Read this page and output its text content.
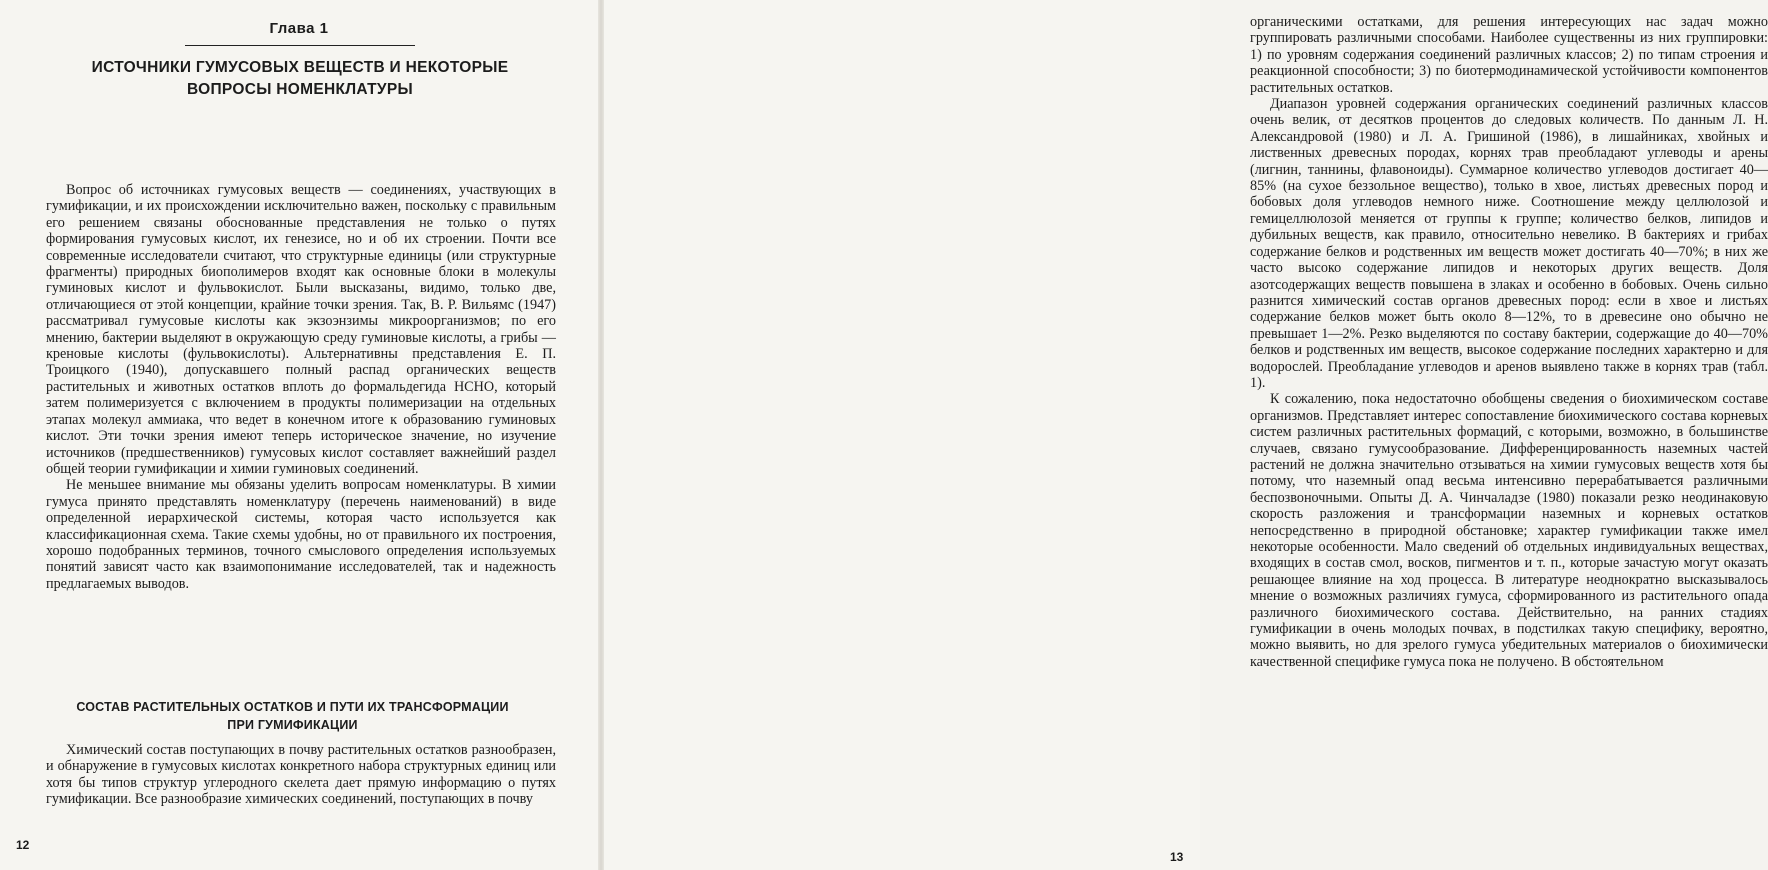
Глава 1
ИСТОЧНИКИ ГУМУСОВЫХ ВЕЩЕСТВ И НЕКОТОРЫЕ
ВОПРОСЫ НОМЕНКЛАТУРЫ

Вопрос об источниках гумусовых веществ — соединениях, участвующих в гумификации, и их происхождении исключительно важен, поскольку с правильным его решением связаны обоснованные представления не только о путях формирования гумусовых кислот, их генезисе, но и об их строении. Почти все современные исследователи считают, что структурные единицы (или структурные фрагменты) природных биополимеров входят как основные блоки в молекулы гуминовых кислот и фульвокислот. Были высказаны, видимо, только две, отличающиеся от этой концепции, крайние точки зрения. Так, В. Р. Вильямс (1947) рассматривал гумусовые кислоты как экзоэнзимы микроорганизмов; по его мнению, бактерии выделяют в окружающую среду гуминовые кислоты, а грибы — креновые кислоты (фульвокислоты). Альтернативны представления Е. П. Троицкого (1940), допускавшего полный распад органических веществ растительных и животных остатков вплоть до формальдегида НСНО, который затем полимеризуется с включением в продукты полимеризации на отдельных этапах молекул аммиака, что ведет в конечном итоге к образованию гуминовых кислот. Эти точки зрения имеют теперь историческое значение, но изучение источников (предшественников) гумусовых кислот составляет важнейший раздел общей теории гумификации и химии гуминовых соединений.

Не меньшее внимание мы обязаны уделить вопросам номенклатуры. В химии гумуса принято представлять номенклатуру (перечень наименований) в виде определенной иерархической системы, которая часто используется как классификационная схема. Такие схемы удобны, но от правильного их построения, хорошо подобранных терминов, точного смыслового определения используемых понятий зависят часто как взаимопонимание исследователей, так и надежность предлагаемых выводов.

СОСТАВ РАСТИТЕЛЬНЫХ ОСТАТКОВ И ПУТИ ИХ ТРАНСФОРМАЦИИ
ПРИ ГУМИФИКАЦИИ

Химический состав поступающих в почву растительных остатков разнообразен, и обнаружение в гумусовых кислотах конкретного набора структурных единиц или хотя бы типов структур углеродного скелета дает прямую информацию о путях гумификации. Все разнообразие химических соединений, поступающих в почву

12

органическими остатками, для решения интересующих нас задач можно группировать различными способами. Наиболее существенны из них группировки: 1) по уровням содержания соединений различных классов; 2) по типам строения и реакционной способности; 3) по биотермодинамической устойчивости компонентов растительных остатков.

Диапазон уровней содержания органических соединений различных классов очень велик, от десятков процентов до следовых количеств. По данным Л. Н. Александровой (1980) и Л. А. Гришиной (1986), в лишайниках, хвойных и лиственных древесных породах, корнях трав преобладают углеводы и арены (лигнин, таннины, флавоноиды). Суммарное количество углеводов достигает 40—85% (на сухое беззольное вещество), только в хвое, листьях древесных пород и бобовых доля углеводов немного ниже. Соотношение между целлюлозой и гемицеллюлозой меняется от группы к группе; количество белков, липидов и дубильных веществ, как правило, относительно невелико. В бактериях и грибах содержание белков и родственных им веществ может достигать 40—70%; в них же часто высоко содержание липидов и некоторых других веществ. Доля азотсодержащих веществ повышена в злаках и особенно в бобовых. Очень сильно разнится химический состав органов древесных пород: если в хвое и листьях содержание белков может быть около 8—12%, то в древесине оно обычно не превышает 1—2%. Резко выделяются по составу бактерии, содержащие до 40—70% белков и родственных им веществ, высокое содержание последних характерно и для водорослей. Преобладание углеводов и аренов выявлено также в корнях трав (табл. 1).

К сожалению, пока недостаточно обобщены сведения о биохимическом составе организмов. Представляет интерес сопоставление биохимического состава корневых систем различных растительных формаций, с которыми, возможно, в большинстве случаев, связано гумусообразование. Дифференцированность наземных частей растений не должна значительно отзываться на химии гумусовых веществ хотя бы потому, что наземный опад весьма интенсивно перерабатывается различными беспозвоночными. Опыты Д. А. Чинчаладзе (1980) показали резко неодинаковую скорость разложения и трансформации наземных и корневых остатков непосредственно в природной обстановке; характер гумификации также имел некоторые особенности. Мало сведений об отдельных индивидуальных веществах, входящих в состав смол, восков, пигментов и т. п., которые зачастую могут оказать решающее влияние на ход процесса. В литературе неоднократно высказывалось мнение о возможных различиях гумуса, сформированного из растительного опада различного биохимического состава. Действительно, на ранних стадиях гумификации в очень молодых почвах, в подстилках такую специфику, вероятно, можно выявить, но для зрелого гумуса убедительных материалов о биохимически качественной специфике гумуса пока не получено. В обстоятельном

13
